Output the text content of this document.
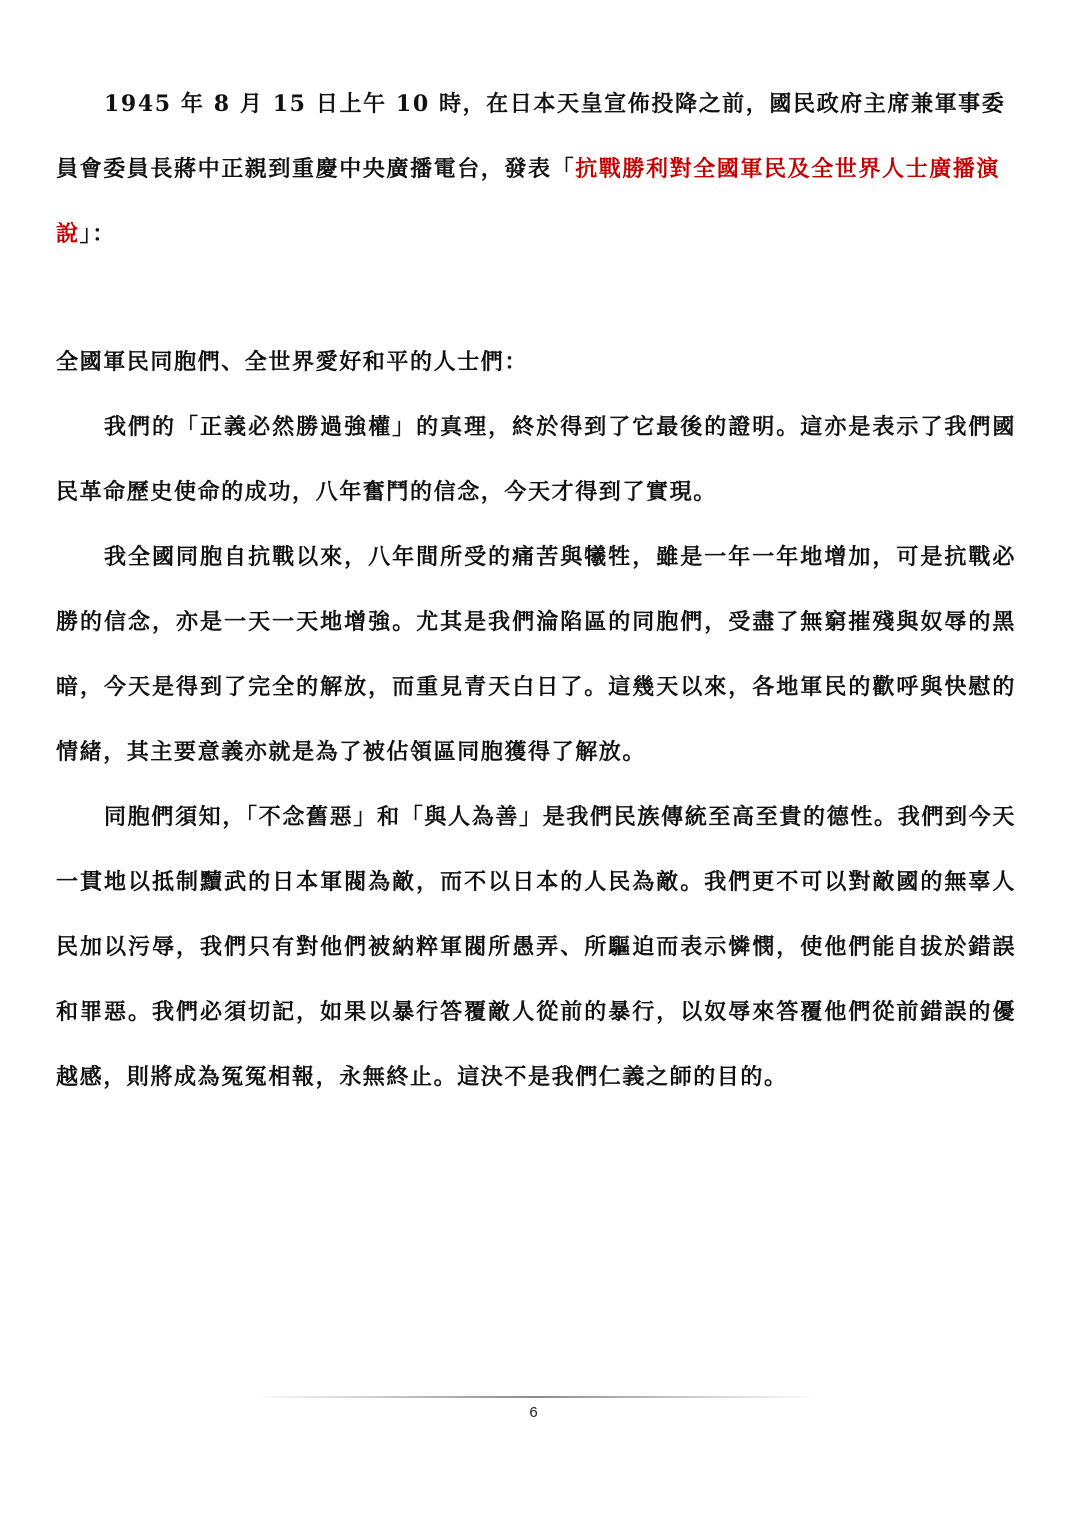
1945 年 8 月 15 日上午 10 時，在日本天皇宣佈投降之前，國民政府主席兼軍事委員會委員長蔣中正親到重慶中央廣播電台，發表「抗戰勝利對全國軍民及全世界人士廣播演說」：

全國軍民同胞們、全世界愛好和平的人士們：

我們的「正義必然勝過強權」的真理，終於得到了它最後的證明。這亦是表示了我們國民革命歷史使命的成功，八年奮鬥的信念，今天才得到了實現。

我全國同胞自抗戰以來，八年間所受的痛苦與犧牲，雖是一年一年地增加，可是抗戰必勝的信念，亦是一天一天地增強。尤其是我們淪陷區的同胞們，受盡了無窮摧殘與奴辱的黑暗，今天是得到了完全的解放，而重見青天白日了。這幾天以來，各地軍民的歡呼與快慰的情緒，其主要意義亦就是為了被佔領區同胞獲得了解放。

同胞們須知，「不念舊惡」和「與人為善」是我們民族傳統至高至貴的德性。我們到今天一貫地以抵制黷武的日本軍閥為敵，而不以日本的人民為敵。我們更不可以對敵國的無辜人民加以污辱，我們只有對他們被納粹軍閥所愚弄、所驅迫而表示憐憫，使他們能自拔於錯誤和罪惡。我們必須切記，如果以暴行答覆敵人從前的暴行，以奴辱來答覆他們從前錯誤的優越感，則將成為冤冤相報，永無終止。這決不是我們仁義之師的目的。

6
